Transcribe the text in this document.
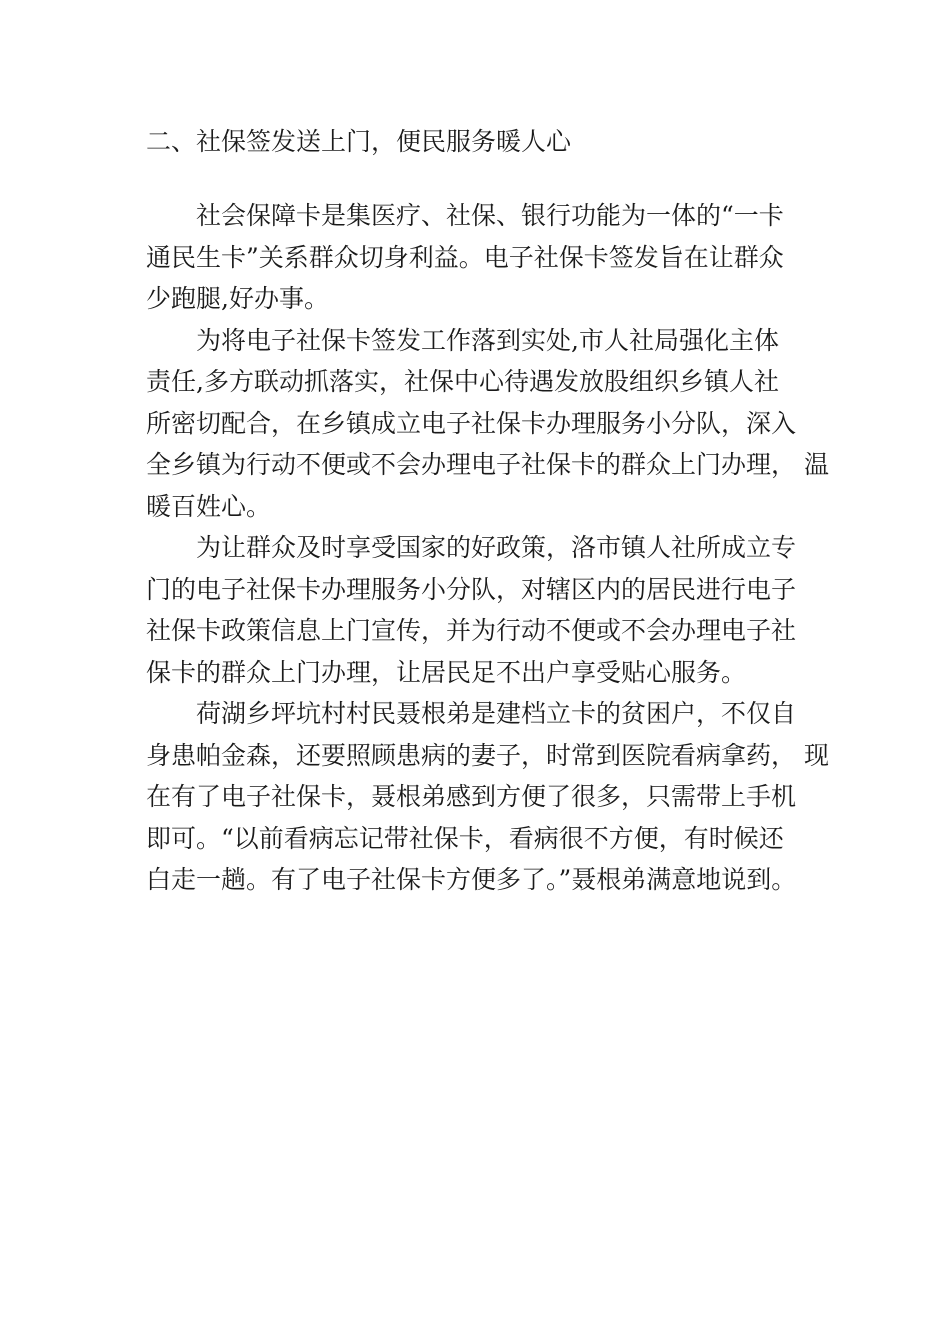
二、社保签发送上门，便民服务暖人心

社会保障卡是集医疗、社保、银行功能为一体的“一卡
通民生卡”关系群众切身利益。电子社保卡签发旨在让群众
少跑腿,好办事。

为将电子社保卡签发工作落到实处,市人社局强化主体
责任,多方联动抓落实，社保中心待遇发放股组织乡镇人社
所密切配合，在乡镇成立电子社保卡办理服务小分队，深入
全乡镇为行动不便或不会办理电子社保卡的群众上门办理， 温
暖百姓心。

为让群众及时享受国家的好政策，洛市镇人社所成立专
门的电子社保卡办理服务小分队，对辖区内的居民进行电子
社保卡政策信息上门宣传，并为行动不便或不会办理电子社
保卡的群众上门办理，让居民足不出户享受贴心服务。

荷湖乡坪坑村村民聂根弟是建档立卡的贫困户，不仅自
身患帕金森，还要照顾患病的妻子，时常到医院看病拿药， 现
在有了电子社保卡，聂根弟感到方便了很多，只需带上手机
即可。“以前看病忘记带社保卡，看病很不方便，有时候还
白走一趟。有了电子社保卡方便多了。”聂根弟满意地说到。
